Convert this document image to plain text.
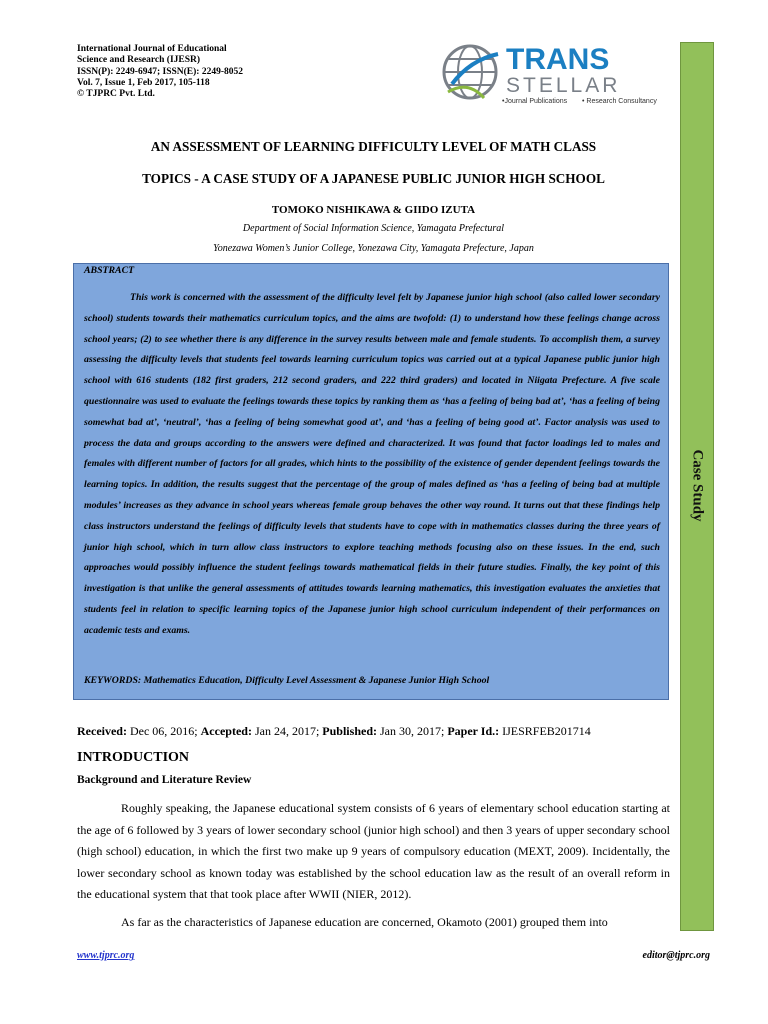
International Journal of Educational
Science and Research (IJESR)
ISSN(P): 2249-6947; ISSN(E): 2249-8052
Vol. 7, Issue 1, Feb 2017, 105-118
© TJPRC Pvt. Ltd.
TRANS
STELLAR
•Journal Publications • Research Consultancy
Case Study
AN ASSESSMENT OF LEARNING DIFFICULTY LEVEL OF MATH CLASS
TOPICS - A CASE STUDY OF A JAPANESE PUBLIC JUNIOR HIGH SCHOOL
TOMOKO NISHIKAWA & GIIDO IZUTA
Department of Social Information Science, Yamagata Prefectural
Yonezawa Women’s Junior College, Yonezawa City, Yamagata Prefecture, Japan
ABSTRACT
This work is concerned with the assessment of the difficulty level felt by Japanese junior high school (also called lower secondary school) students towards their mathematics curriculum topics, and the aims are twofold: (1) to understand how these feelings change across school years; (2) to see whether there is any difference in the survey results between male and female students. To accomplish them, a survey assessing the difficulty levels that students feel towards learning curriculum topics was carried out at a typical Japanese public junior high school with 616 students (182 first graders, 212 second graders, and 222 third graders) and located in Niigata Prefecture. A five scale questionnaire was used to evaluate the feelings towards these topics by ranking them as ‘has a feeling of being bad at’, ‘has a feeling of being somewhat bad at’, ‘neutral’, ‘has a feeling of being somewhat good at’, and ‘has a feeling of being good at’. Factor analysis was used to process the data and groups according to the answers were defined and characterized. It was found that factor loadings led to males and females with different number of factors for all grades, which hints to the possibility of the existence of gender dependent feelings towards the learning topics. In addition, the results suggest that the percentage of the group of males defined as ‘has a feeling of being bad at multiple modules’ increases as they advance in school years whereas female group behaves the other way round. It turns out that these findings help class instructors understand the feelings of difficulty levels that students have to cope with in mathematics classes during the three years of junior high school, which in turn allow class instructors to explore teaching methods focusing also on these issues. In the end, such approaches would possibly influence the student feelings towards mathematical fields in their future studies. Finally, the key point of this investigation is that unlike the general assessments of attitudes towards learning mathematics, this investigation evaluates the anxieties that students feel in relation to specific learning topics of the Japanese junior high school curriculum independent of their performances on academic tests and exams.
KEYWORDS: Mathematics Education, Difficulty Level Assessment & Japanese Junior High School
Received: Dec 06, 2016; Accepted: Jan 24, 2017; Published: Jan 30, 2017; Paper Id.: IJESRFEB201714
INTRODUCTION
Background and Literature Review
Roughly speaking, the Japanese educational system consists of 6 years of elementary school education starting at the age of 6 followed by 3 years of lower secondary school (junior high school) and then 3 years of upper secondary school (high school) education, in which the first two make up 9 years of compulsory education (MEXT, 2009). Incidentally, the lower secondary school as known today was established by the school education law as the result of an overall reform in the educational system that that took place after WWII (NIER, 2012).
As far as the characteristics of Japanese education are concerned, Okamoto (2001) grouped them into
www.tjprc.org	editor@tjprc.org
